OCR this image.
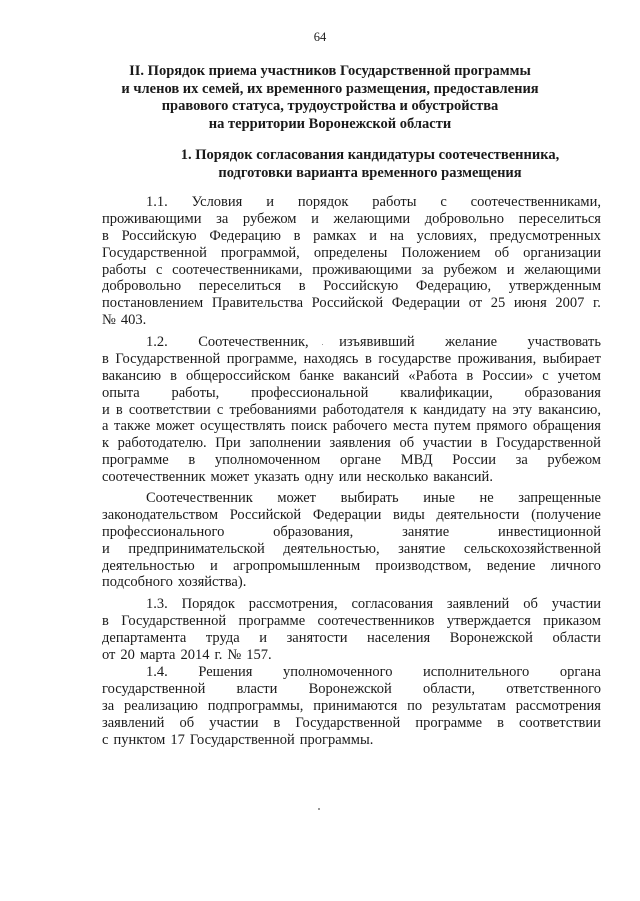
64
II. Порядок приема участников Государственной программы
и членов их семей, их временного размещения, предоставления
правового статуса, трудоустройства и обустройства
на территории Воронежской области
1. Порядок согласования кандидатуры соотечественника,
подготовки варианта временного размещения
1.1. Условия и порядок работы с соотечественниками,
проживающими за рубежом и желающими добровольно переселиться
в Российскую Федерацию в рамках и на условиях, предусмотренных
Государственной программой, определены Положением об организации
работы с соотечественниками, проживающими за рубежом и желающими
добровольно переселиться в Российскую Федерацию, утвержденным
постановлением Правительства Российской Федерации от 25 июня 2007 г.
№ 403.
1.2. Соотечественник, изъявивший желание участвовать
в Государственной программе, находясь в государстве проживания, выбирает
вакансию в общероссийском банке вакансий «Работа в России» с учетом
опыта работы, профессиональной квалификации, образования
и в соответствии с требованиями работодателя к кандидату на эту вакансию,
а также может осуществлять поиск рабочего места путем прямого обращения
к работодателю. При заполнении заявления об участии в Государственной
программе в уполномоченном органе МВД России за рубежом
соотечественник может указать одну или несколько вакансий.
Соотечественник может выбирать иные не запрещенные
законодательством Российской Федерации виды деятельности (получение
профессионального	образования,	занятие	инвестиционной
и предпринимательской деятельностью, занятие сельскохозяйственной
деятельностью и агропромышленным производством, ведение личного
подсобного хозяйства).
1.3. Порядок рассмотрения, согласования заявлений об участии
в Государственной программе соотечественников утверждается приказом
департамента труда и занятости населения Воронежской области
от 20 марта 2014 г. № 157.
1.4. Решения уполномоченного исполнительного органа
государственной власти Воронежской области, ответственного
за реализацию подпрограммы, принимаются по результатам рассмотрения
заявлений об участии в Государственной программе в соответствии
с пунктом 17 Государственной программы.
